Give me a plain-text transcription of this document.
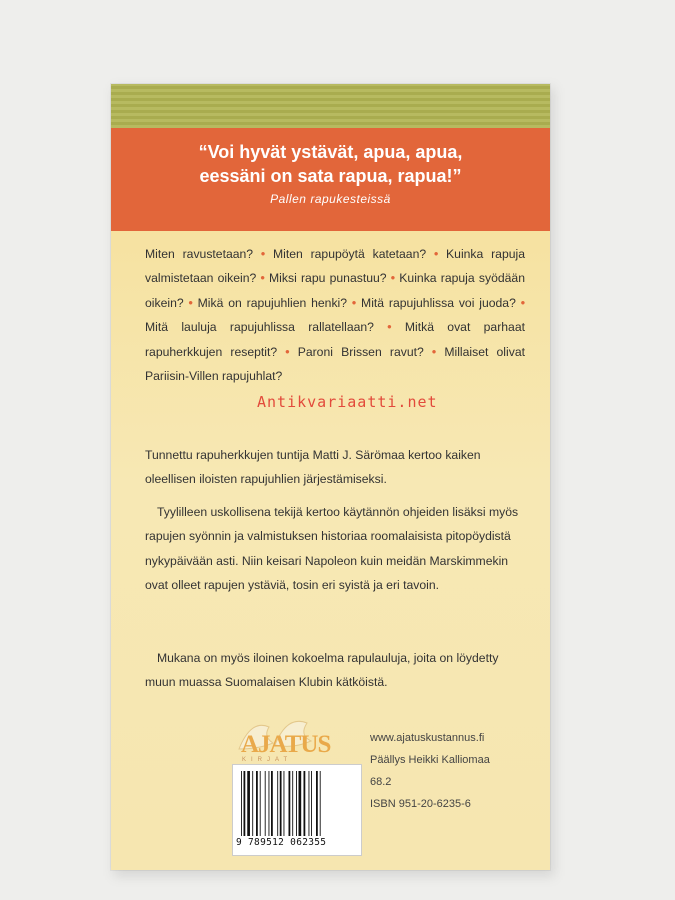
“Voi hyvät ystävät, apua, apua,
eessäni on sata rapua, rapua!”
Pallen rapukesteissä
Miten ravustetaan? • Miten rapupöytä katetaan? • Kuinka rapuja valmistetaan oikein? • Miksi rapu punastuu? • Kuinka rapuja syödään oikein? • Mikä on rapujuhlien henki? • Mitä rapujuhlissa voi juoda? • Mitä lauluja rapujuhlissa rallatellaan? • Mitkä ovat parhaat rapuherkkujen reseptit? • Paroni Brissen ravut? • Millaiset olivat Pariisin-Villen rapujuhlat?
Tunnettu rapuherkkujen tuntija Matti J. Särömaa kertoo kaiken oleellisen iloisten rapujuhlien järjestämiseksi.
Tyylilleen uskollisena tekijä kertoo käytännön ohjeiden lisäksi myös rapujen syönnin ja valmistuksen historiaa roomalaisista pitopöydistä nykypäivään asti. Niin keisari Napoleon kuin meidän Marskimmekin ovat olleet rapujen ystäviä, tosin eri syistä ja eri tavoin.
Mukana on myös iloinen kokoelma rapulauluja, joita on löydetty muun muassa Suomalaisen Klubin kätköistä.
AJATUS
KIRJAT
www.ajatuskustannus.fi
Päällys Heikki Kalliomaa
68.2
ISBN 951-20-6235-6
9 789512 062355
Antikvariaatti.net
